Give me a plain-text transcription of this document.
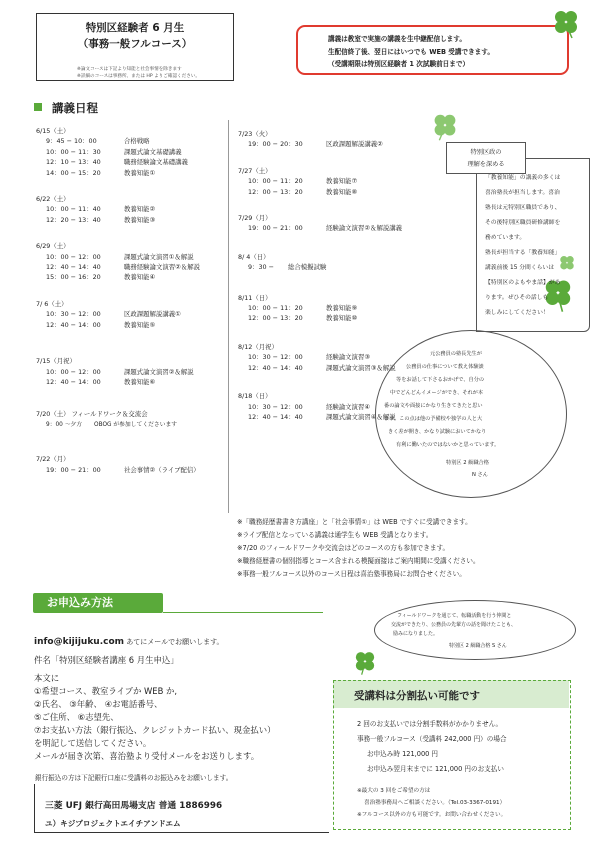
特別区経験者 6 月生
（事務一般フルコース）
※論文コースは下記より知能と社会事情を除きます
※詳細のコースは事務所、または HP よりご確認ください。
講義は教室で実施の講義を生中継配信します。
生配信終了後、翌日にはいつでも WEB 受講できます。
（受講期限は特別区経験者 1 次試験前日まで）
講義日程
6/15（土）
9：45 − 10：00	合格戦略
10：00 − 11：30	課題式論文基礎講義
12：10 − 13：40	職務経験論文基礎講義
14：00 − 15：20	教養知能①
6/22（土）
10：00 − 11：40	教養知能②
12：20 − 13：40	教養知能③
6/29（土）
10：00 − 12：00	課題式論文演習①＆解説
12：40 − 14：40	職務経験論文演習②＆解説
15：00 − 16：20	教養知能④
7/ 6（土）
10：30 − 12：00	区政課題解説講義①
12：40 − 14：00	教養知能⑤
7/15（月祝）
10：00 − 12：00	課題式論文演習②＆解説
12：40 − 14：00	教養知能⑥
7/20（土） フィールドワーク＆交流会
9：00 ～夕方 OBOG が参加してくださいます
7/22（月）
19：00 − 21：00	社会事情②（ライブ配信）
7/23（火）
19：00 − 20：30	区政課題解説講義②
7/27（土）
10：00 − 11：20	教養知能⑦
12：00 − 13：20	教養知能⑧
7/29（月）
19：00 − 21：00	経験論文演習②＆解説講義
8/ 4（日）
9：30 − 総合模擬試験
8/11（日）
10：00 − 11：20	教養知能⑨
12：00 − 13：20	教養知能⑩
8/12（月祝）
10：30 − 12：00	経験論文演習③
12：40 − 14：40	課題式論文演習③＆解説
8/18（日）
10：30 − 12：00	経験論文演習④
12：40 − 14：40	課題式論文演習④＆解説
「教養知能」の講義の多くは
喜治塾長が担当します。喜治
塾長は元特別区職員であり、
その後特別区職員研修講師を
務めています。
塾長が担当する「教養知能」
講義前後 15 分間くらいは
【特別区のよもやま話】があ
ります。ぜひその話しも
楽しみにしてください！
特別区政の
理解を深める
元公務員の塾長先生が
公務員の仕事について教え体験談
等をお話して下さるおかげで、自分の
中でどんどんイメージができ、それが本
番の論文や面接にかなり生きてきたと思い
ます。この点は他の予備校や独学の人と大
きく差が開き、かなり試験においてかなり
有利に働いたのではないかと思っています。
特別区 2 級職合格
N さん
※「職務経歴書書き方講座」と「社会事情①」は WEB ですぐに受講できます。
※ライブ配信となっている講義は通学生も WEB 受講となります。
※7/20 のフィールドワークや交流会はどのコースの方も参加できます。
※職務経歴書の個別指導とコース含まれる模擬面接はご案内期間に受講ください。
※事務一般フルコース以外のコース日程は喜治塾事務局にお問合せください。
お申込み方法
info@kijijuku.com あてにメールでお願いします。
件名「特別区経験者講座 6 月生申込」
本文に
①希望コース、教室ライブか WEB か,
②氏名、 ③年齢、 ④お電話番号、
⑤ご住所、 ⑥志望先、
⑦お支払い方法（銀行振込、クレジットカード払い、現金払い）
を明記して送信してください。
メールが届き次第、喜治塾より受付メールをお送りします。
銀行振込の方は下記銀行口座に受講料のお振込みをお願いします。
三菱 UFJ 銀行高田馬場支店 普通 1886996
ユ）キジプロジェクトエイチアンドエム
フィールドワークを通じて、転職活動を行う仲間と
交流ができたり、公務員の先輩方の話を聞けたことも、
励みになりました。
特別区 2 級職合格 S さん
受講料は分割払い可能です
2 回のお支払いでは分割手数料がかかりません。
事務一般フルコース（受講料 242,000 円）の場合
お申込み時 121,000 円
お申込み翌月末までに 121,000 円のお支払い
※最大の 3 回をご希望の方は
喜治塾事務局へご相談ください。（Tel.03-3367-0191）
※フルコース以外の方も可能です。お問い合わせください。
